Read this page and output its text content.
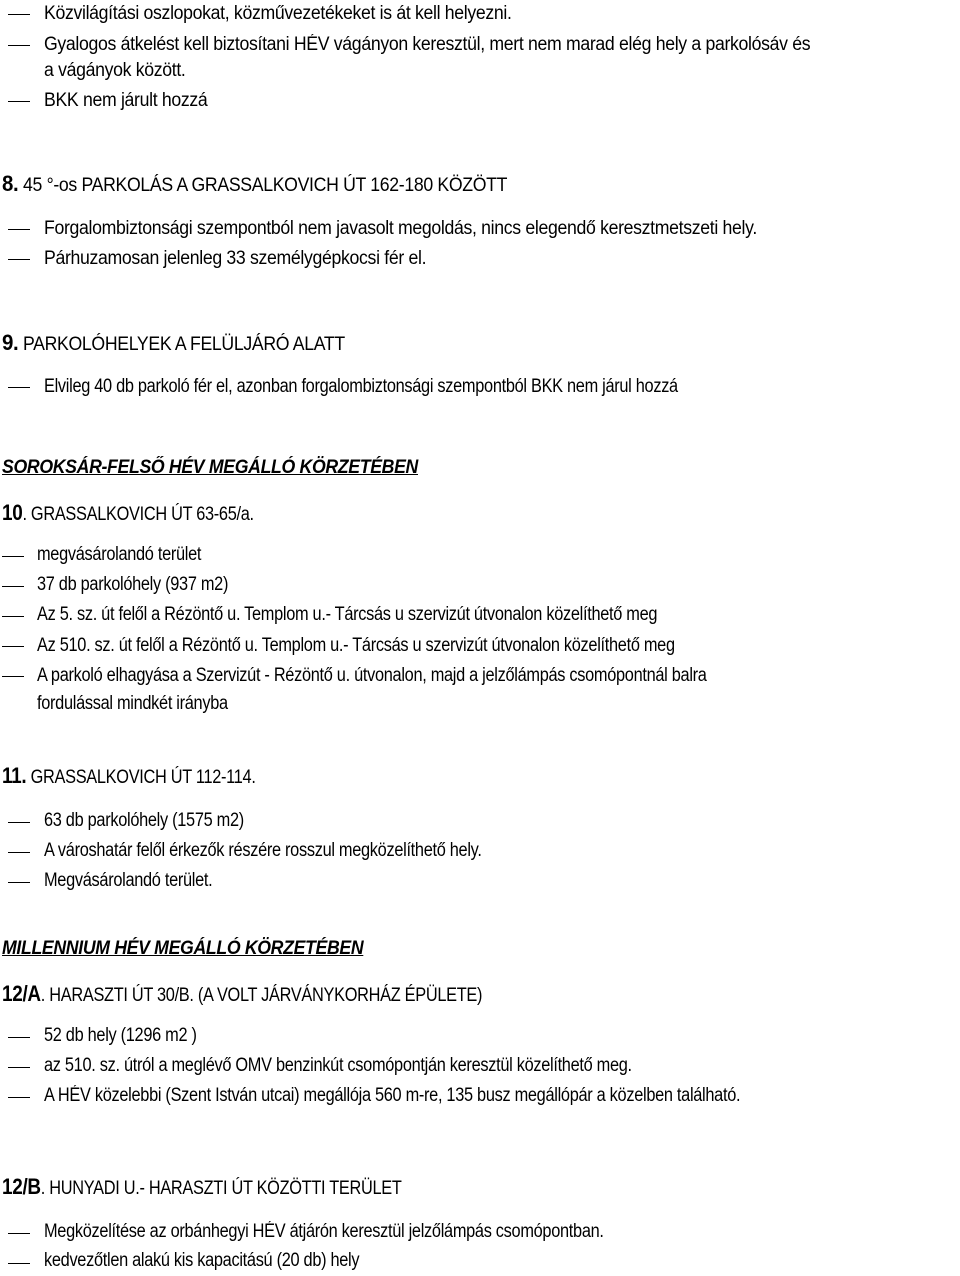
Közvilágítási oszlopokat, közművezetékeket is át kell helyezni.
Gyalogos átkelést kell biztosítani HÉV vágányon keresztül, mert nem marad elég hely a parkolósáv és
a vágányok között.
BKK nem járult hozzá
8. 45 °-os PARKOLÁS A GRASSALKOVICH ÚT 162-180 KÖZÖTT
Forgalombiztonsági szempontból nem javasolt megoldás, nincs elegendő keresztmetszeti hely.
Párhuzamosan jelenleg 33 személygépkocsi fér el.
9. PARKOLÓHELYEK A FELÜLJÁRÓ ALATT
Elvileg 40 db parkoló fér el, azonban forgalombiztonsági szempontból BKK nem járul hozzá
SOROKSÁR-FELSŐ HÉV MEGÁLLÓ KÖRZETÉBEN
10. GRASSALKOVICH ÚT 63-65/a.
megvásárolandó terület
37 db parkolóhely (937 m2)
Az 5. sz. út felől a Rézöntő u. Templom u.- Tárcsás u szervizút útvonalon közelíthető meg
Az 510. sz. út felől a Rézöntő u. Templom u.- Tárcsás u szervizút útvonalon közelíthető meg
A parkoló elhagyása a Szervizút - Rézöntő u. útvonalon, majd a jelzőlámpás csomópontnál balra
fordulással mindkét irányba
11. GRASSALKOVICH ÚT 112-114.
63 db parkolóhely (1575 m2)
A városhatár felől érkezők részére rosszul megközelíthető hely.
Megvásárolandó terület.
MILLENNIUM HÉV MEGÁLLÓ KÖRZETÉBEN
12/A. HARASZTI ÚT 30/B. (A VOLT JÁRVÁNYKORHÁZ ÉPÜLETE)
52 db hely (1296 m2 )
az 510. sz. útról a meglévő OMV benzinkút csomópontján keresztül közelíthető meg.
A HÉV közelebbi (Szent István utcai) megállója 560 m-re, 135 busz megállópár a közelben található.
12/B. HUNYADI U.- HARASZTI ÚT KÖZÖTTI TERÜLET
Megközelítése az orbánhegyi HÉV átjárón keresztül jelzőlámpás csomópontban.
kedvezőtlen alakú kis kapacitású (20 db) hely
